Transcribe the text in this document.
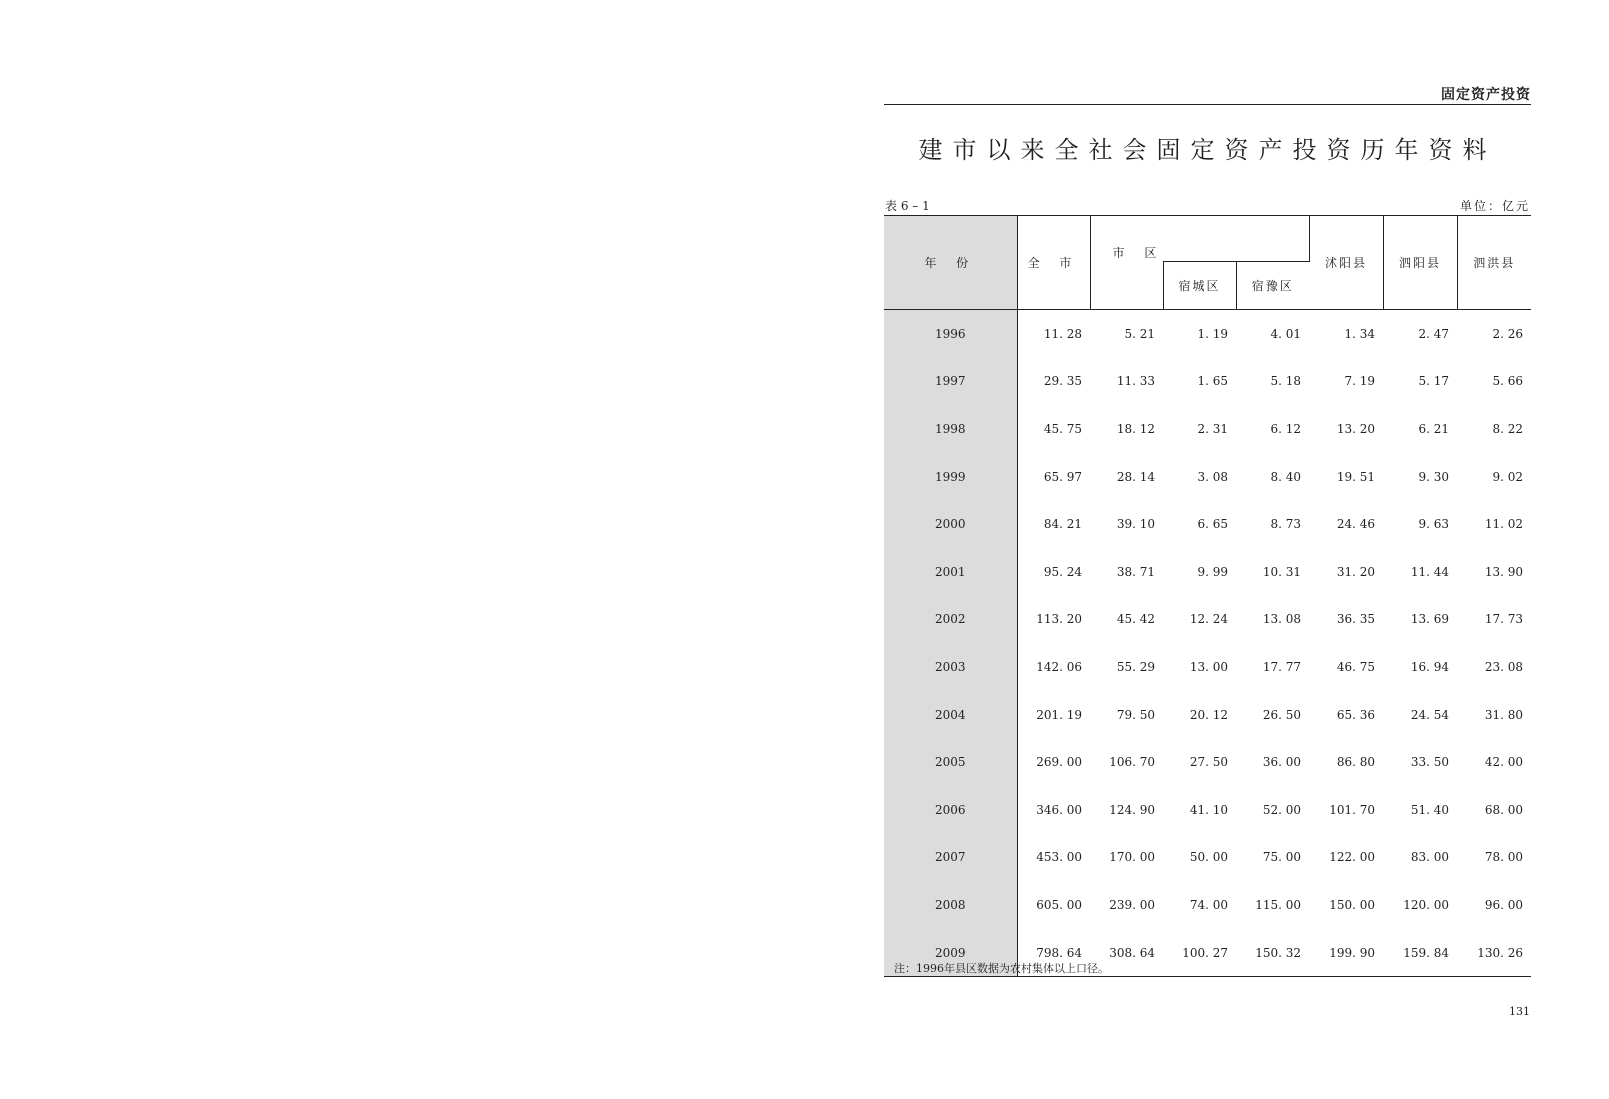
固定资产投资
建市以来全社会固定资产投资历年资料
表 6 – 1	单位：亿元
年 份	全 市	市 区			沭阳县	泗阳县	泗洪县
			宿城区	宿豫区			
1996	11. 28	5. 21	1. 19	4. 01	1. 34	2. 47	2. 26
1997	29. 35	11. 33	1. 65	5. 18	7. 19	5. 17	5. 66
1998	45. 75	18. 12	2. 31	6. 12	13. 20	6. 21	8. 22
1999	65. 97	28. 14	3. 08	8. 40	19. 51	9. 30	9. 02
2000	84. 21	39. 10	6. 65	8. 73	24. 46	9. 63	11. 02
2001	95. 24	38. 71	9. 99	10. 31	31. 20	11. 44	13. 90
2002	113. 20	45. 42	12. 24	13. 08	36. 35	13. 69	17. 73
2003	142. 06	55. 29	13. 00	17. 77	46. 75	16. 94	23. 08
2004	201. 19	79. 50	20. 12	26. 50	65. 36	24. 54	31. 80
2005	269. 00	106. 70	27. 50	36. 00	86. 80	33. 50	42. 00
2006	346. 00	124. 90	41. 10	52. 00	101. 70	51. 40	68. 00
2007	453. 00	170. 00	50. 00	75. 00	122. 00	83. 00	78. 00
2008	605. 00	239. 00	74. 00	115. 00	150. 00	120. 00	96. 00
2009	798. 64	308. 64	100. 27	150. 32	199. 90	159. 84	130. 26
注：1996年县区数据为农村集体以上口径。
131
